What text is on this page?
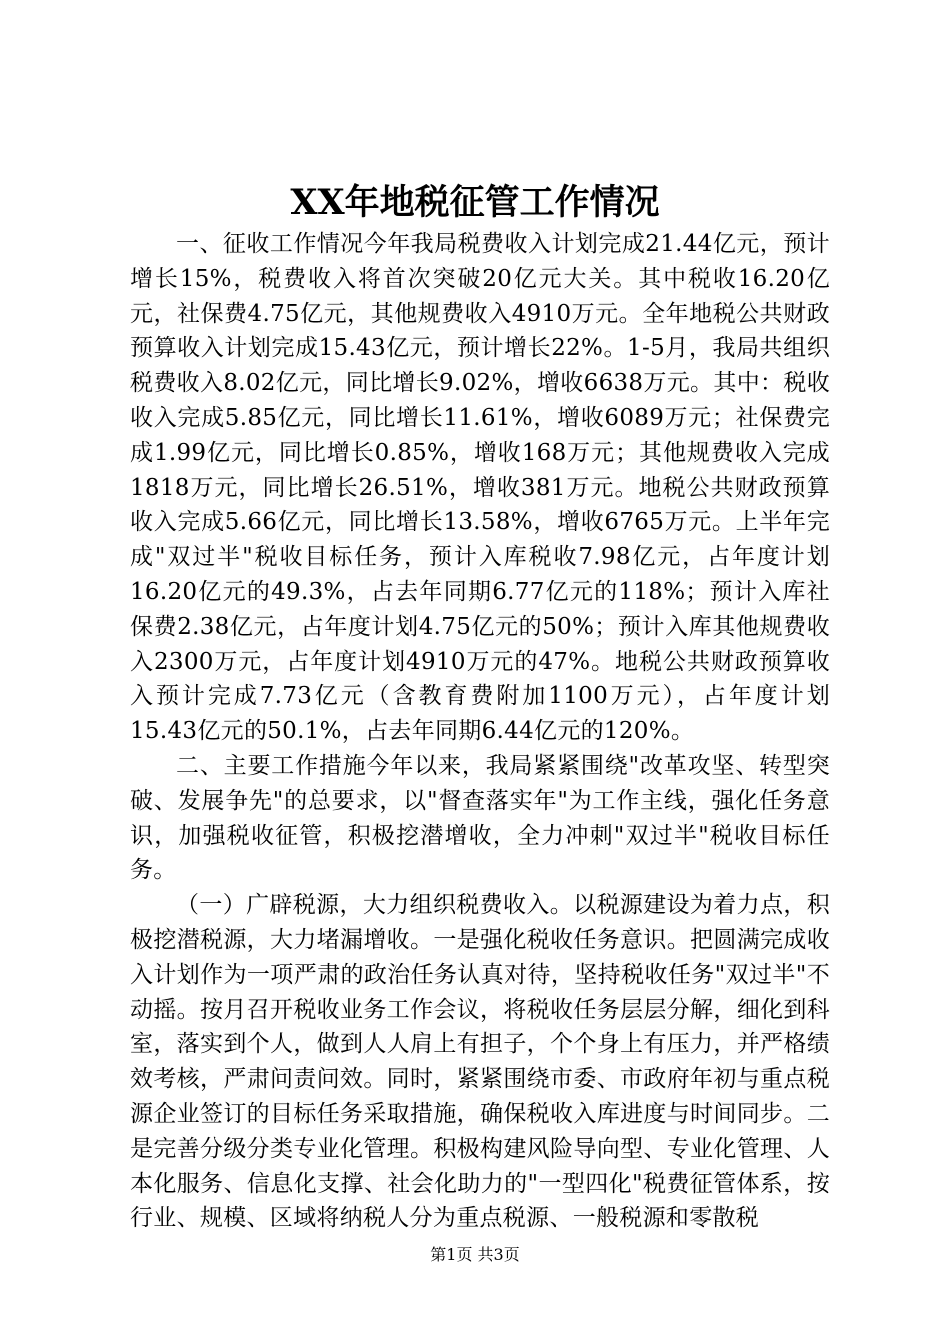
XX年地税征管工作情况

一、征收工作情况今年我局税费收入计划完成21.44亿元，预计增长15%，税费收入将首次突破20亿元大关。其中税收16.20亿元，社保费4.75亿元，其他规费收入4910万元。全年地税公共财政预算收入计划完成15.43亿元，预计增长22%。1-5月，我局共组织税费收入8.02亿元，同比增长9.02%，增收6638万元。其中：税收收入完成5.85亿元，同比增长11.61%，增收6089万元；社保费完成1.99亿元，同比增长0.85%，增收168万元；其他规费收入完成1818万元，同比增长26.51%，增收381万元。地税公共财政预算收入完成5.66亿元，同比增长13.58%，增收6765万元。上半年完成"双过半"税收目标任务，预计入库税收7.98亿元，占年度计划16.20亿元的49.3%，占去年同期6.77亿元的118%；预计入库社保费2.38亿元，占年度计划4.75亿元的50%；预计入库其他规费收入2300万元，占年度计划4910万元的47%。地税公共财政预算收入预计完成7.73亿元（含教育费附加1100万元），占年度计划15.43亿元的50.1%，占去年同期6.44亿元的120%。

二、主要工作措施今年以来，我局紧紧围绕"改革攻坚、转型突破、发展争先"的总要求，以"督查落实年"为工作主线，强化任务意识，加强税收征管，积极挖潜增收，全力冲刺"双过半"税收目标任务。

（一）广辟税源，大力组织税费收入。以税源建设为着力点，积极挖潜税源，大力堵漏增收。一是强化税收任务意识。把圆满完成收入计划作为一项严肃的政治任务认真对待，坚持税收任务"双过半"不动摇。按月召开税收业务工作会议，将税收任务层层分解，细化到科室，落实到个人，做到人人肩上有担子，个个身上有压力，并严格绩效考核，严肃问责问效。同时，紧紧围绕市委、市政府年初与重点税源企业签订的目标任务采取措施，确保税收入库进度与时间同步。二是完善分级分类专业化管理。积极构建风险导向型、专业化管理、人本化服务、信息化支撑、社会化助力的"一型四化"税费征管体系，按行业、规模、区域将纳税人分为重点税源、一般税源和零散税

第1页 共3页
